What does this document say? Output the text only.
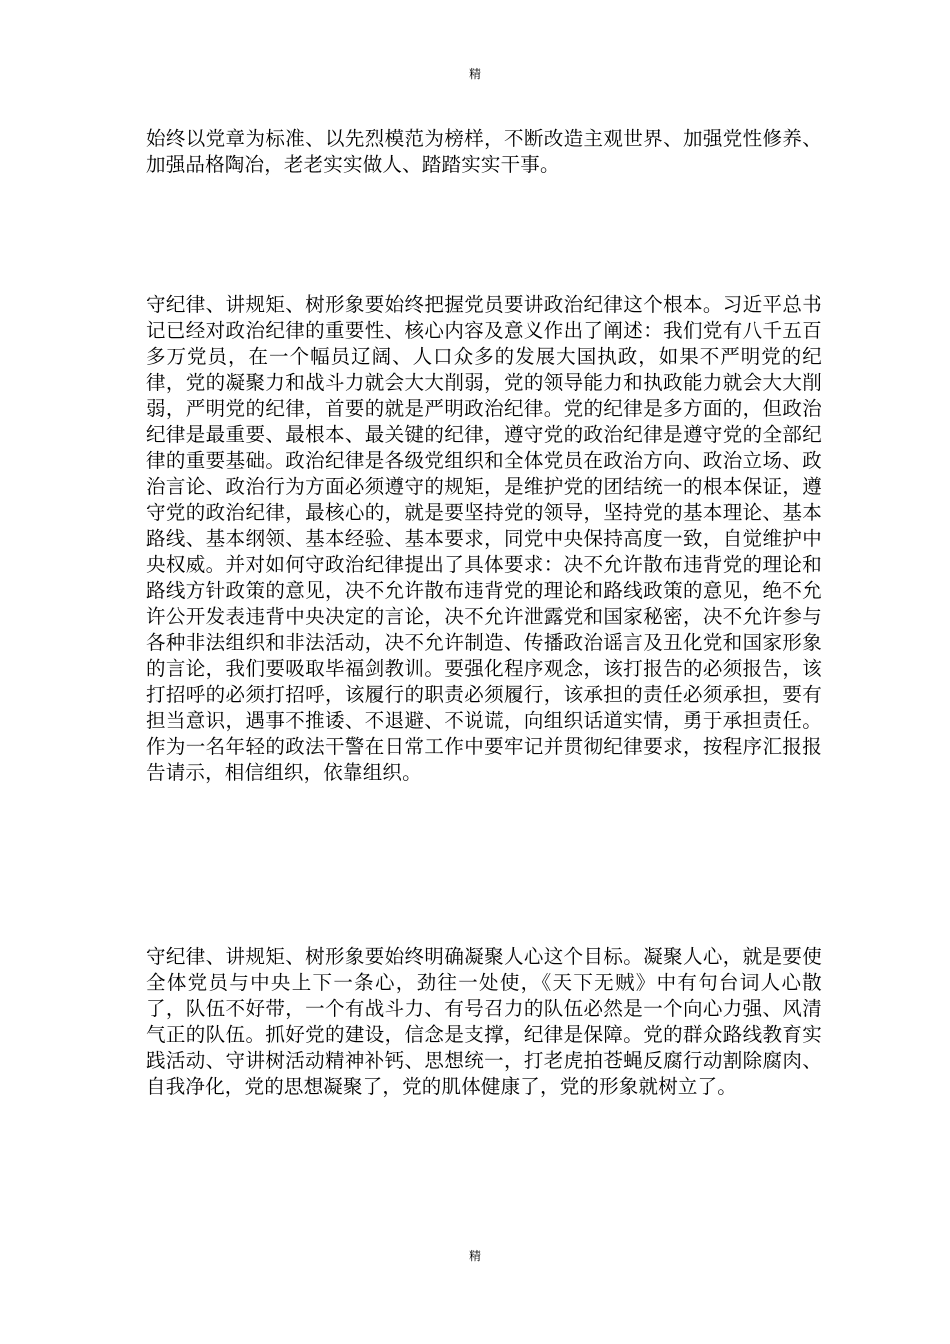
精

始终以党章为标准、以先烈模范为榜样，不断改造主观世界、加强党性修养、加强品格陶冶，老老实实做人、踏踏实实干事。

守纪律、讲规矩、树形象要始终把握党员要讲政治纪律这个根本。习近平总书记已经对政治纪律的重要性、核心内容及意义作出了阐述：我们党有八千五百多万党员，在一个幅员辽阔、人口众多的发展大国执政，如果不严明党的纪律，党的凝聚力和战斗力就会大大削弱，党的领导能力和执政能力就会大大削弱，严明党的纪律，首要的就是严明政治纪律。党的纪律是多方面的，但政治纪律是最重要、最根本、最关键的纪律，遵守党的政治纪律是遵守党的全部纪律的重要基础。政治纪律是各级党组织和全体党员在政治方向、政治立场、政治言论、政治行为方面必须遵守的规矩，是维护党的团结统一的根本保证，遵守党的政治纪律，最核心的，就是要坚持党的领导，坚持党的基本理论、基本路线、基本纲领、基本经验、基本要求，同党中央保持高度一致，自觉维护中央权威。并对如何守政治纪律提出了具体要求：决不允许散布违背党的理论和路线方针政策的意见，决不允许散布违背党的理论和路线政策的意见，绝不允许公开发表违背中央决定的言论，决不允许泄露党和国家秘密，决不允许参与各种非法组织和非法活动，决不允许制造、传播政治谣言及丑化党和国家形象的言论，我们要吸取毕福剑教训。要强化程序观念，该打报告的必须报告，该打招呼的必须打招呼，该履行的职责必须履行，该承担的责任必须承担，要有担当意识，遇事不推诿、不退避、不说谎，向组织话道实情，勇于承担责任。作为一名年轻的政法干警在日常工作中要牢记并贯彻纪律要求，按程序汇报报告请示，相信组织，依靠组织。

守纪律、讲规矩、树形象要始终明确凝聚人心这个目标。凝聚人心，就是要使全体党员与中央上下一条心，劲往一处使，《天下无贼》中有句台词人心散了，队伍不好带，一个有战斗力、有号召力的队伍必然是一个向心力强、风清气正的队伍。抓好党的建设，信念是支撑，纪律是保障。党的群众路线教育实践活动、守讲树活动精神补钙、思想统一，打老虎拍苍蝇反腐行动割除腐肉、自我净化，党的思想凝聚了，党的肌体健康了，党的形象就树立了。

精
